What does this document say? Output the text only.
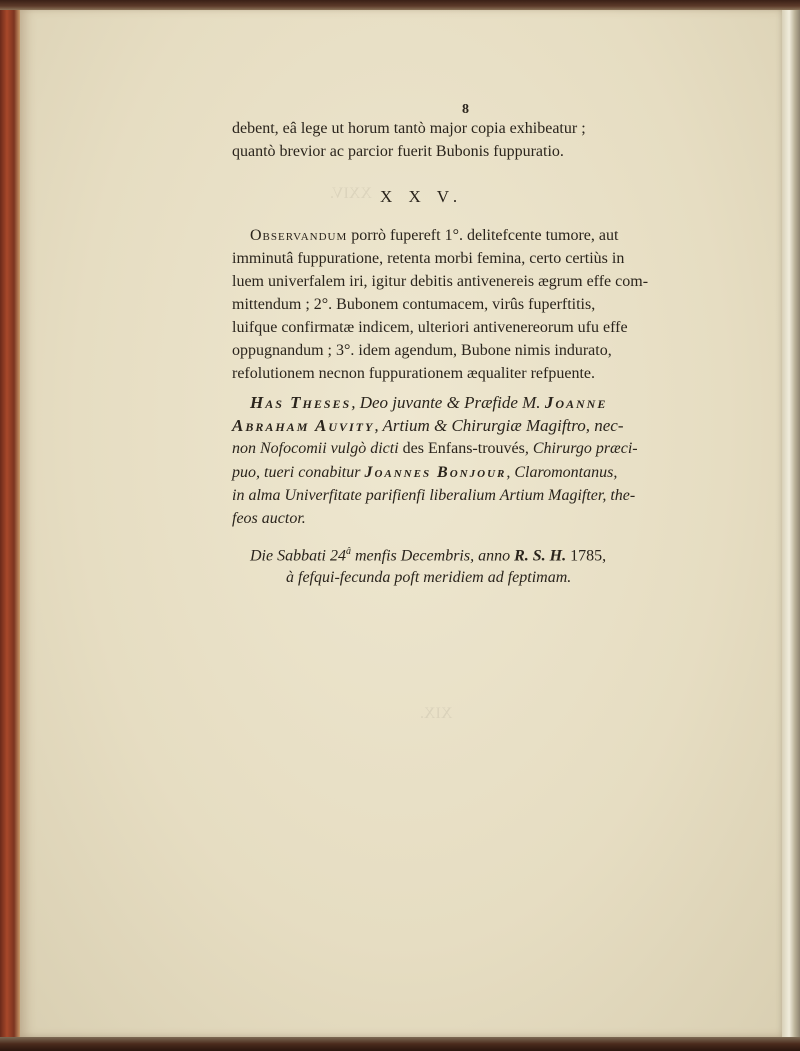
XXIV.
XIX.
8
debent, eâ lege ut horum tantò major copia exhibeatur ;
quantò brevior ac parcior fuerit Bubonis fuppuratio.
X X V.
Observandum porrò fupereft 1°. delitefcente tumore, aut
imminutâ fuppuratione, retenta morbi femina, certo certiùs in
luem univerfalem iri, igitur debitis antivenereis ægrum effe com-
mittendum ; 2°. Bubonem contumacem, virûs fuperftitis,
luifque confirmatæ indicem, ulteriori antivenereorum ufu effe
oppugnandum ; 3°. idem agendum, Bubone nimis indurato,
refolutionem necnon fuppurationem æqualiter refpuente.
Has Theses, Deo juvante & Præfide M. Joanne
Abraham Auvity, Artium & Chirurgiæ Magiftro, nec-
non Nofocomii vulgò dicti des Enfans-trouvés, Chirurgo præci-
puo, tueri conabitur Joannes Bonjour, Claromontanus,
in alma Univerfitate parifienfi liberalium Artium Magifter, the-
feos auctor.
Die Sabbati $24^â$ menfis Decembris, anno R. S. H. 1785,
à fefqui-fecunda poft meridiem ad feptimam.
